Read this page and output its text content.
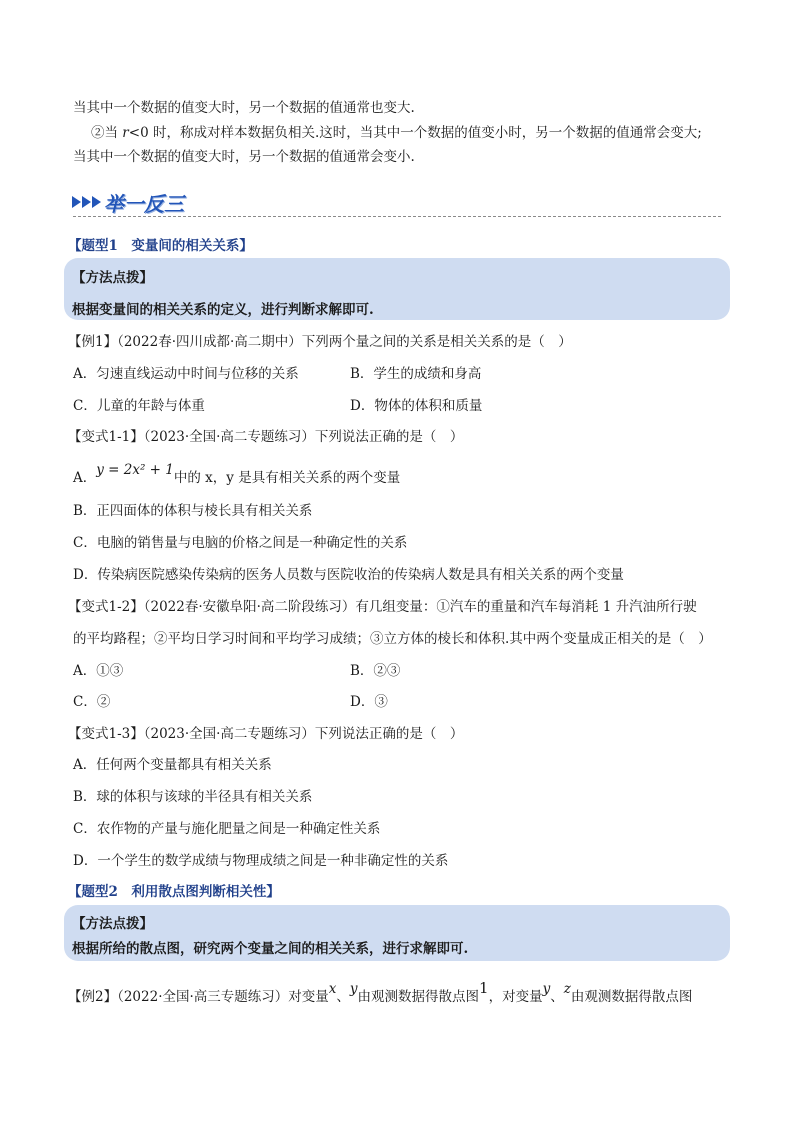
当其中一个数据的值变大时，另一个数据的值通常也变大.
②当 r<0 时，称成对样本数据负相关.这时，当其中一个数据的值变小时，另一个数据的值通常会变大;
当其中一个数据的值变大时，另一个数据的值通常会变小.
举一反三
【题型1　变量间的相关关系】
【方法点拨】
根据变量间的相关关系的定义，进行判断求解即可.
【例1】（2022春·四川成都·高二期中）下列两个量之间的关系是相关关系的是（　）
A．匀速直线运动中时间与位移的关系	B．学生的成绩和身高
C．儿童的年龄与体重	D．物体的体积和质量
【变式1-1】（2023·全国·高二专题练习）下列说法正确的是（　）
A．y = 2x² + 1中的 x，y 是具有相关关系的两个变量
B．正四面体的体积与棱长具有相关关系
C．电脑的销售量与电脑的价格之间是一种确定性的关系
D．传染病医院感染传染病的医务人员数与医院收治的传染病人数是具有相关关系的两个变量
【变式1-2】（2022春·安徽阜阳·高二阶段练习）有几组变量：①汽车的重量和汽车每消耗 1 升汽油所行驶
的平均路程；②平均日学习时间和平均学习成绩；③立方体的棱长和体积.其中两个变量成正相关的是（　）
A．①③	B．②③
C．②	D．③
【变式1-3】（2023·全国·高二专题练习）下列说法正确的是（　）
A．任何两个变量都具有相关关系
B．球的体积与该球的半径具有相关关系
C．农作物的产量与施化肥量之间是一种确定性关系
D．一个学生的数学成绩与物理成绩之间是一种非确定性的关系
【题型2　利用散点图判断相关性】
【方法点拨】
根据所给的散点图，研究两个变量之间的相关关系，进行求解即可.
【例2】（2022·全国·高三专题练习）对变量x、y由观测数据得散点图1，对变量y、z由观测数据得散点图
